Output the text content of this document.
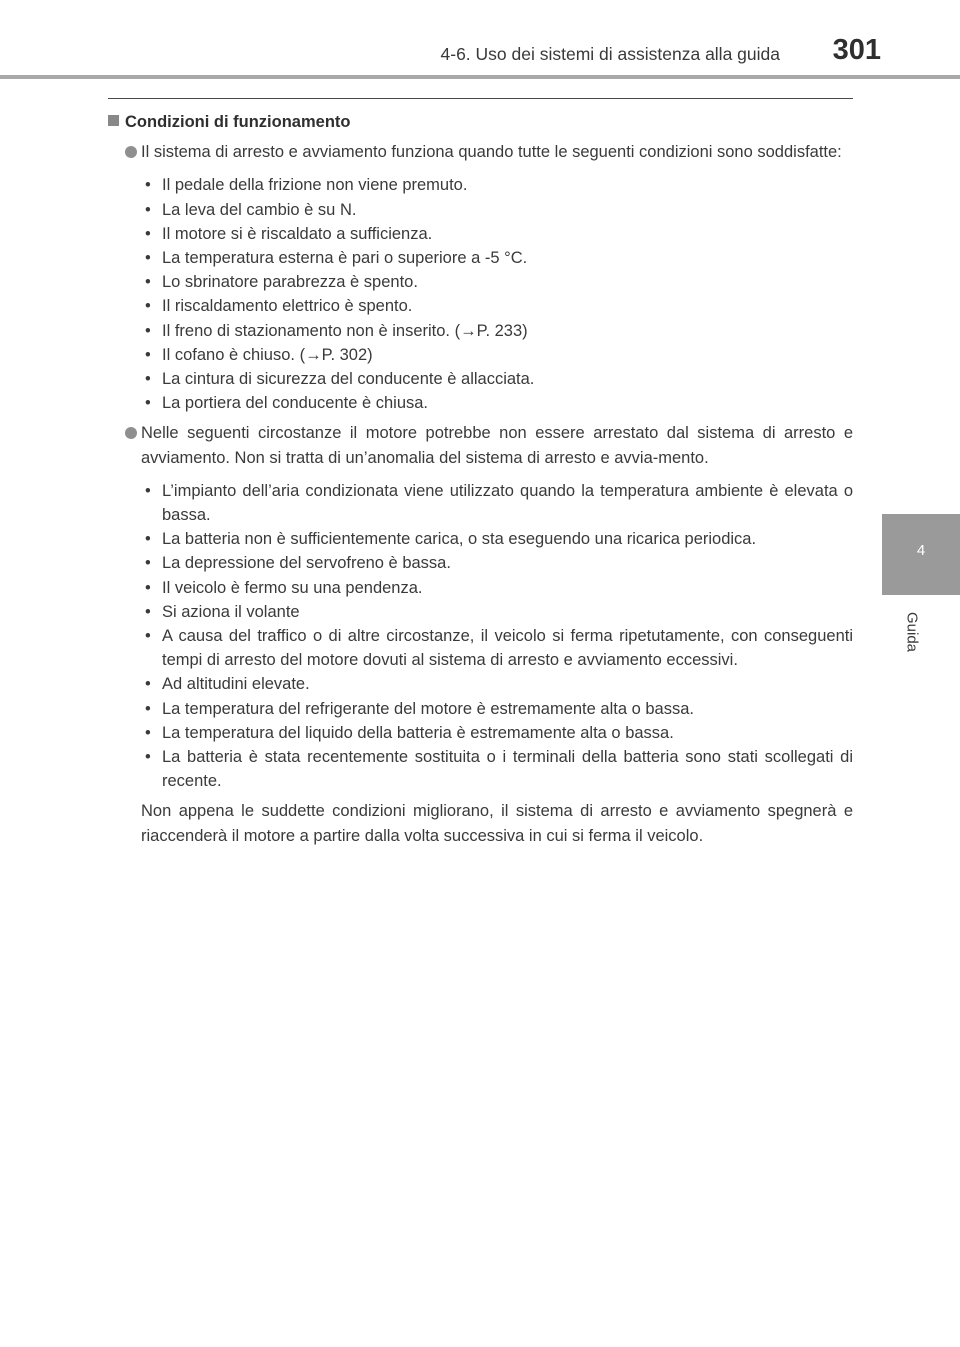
4-6. Uso dei sistemi di assistenza alla guida 301
4
Guida
Condizioni di funzionamento
Il sistema di arresto e avviamento funziona quando tutte le seguenti condizioni sono soddisfatte:
• Il pedale della frizione non viene premuto.
• La leva del cambio è su N.
• Il motore si è riscaldato a sufficienza.
• La temperatura esterna è pari o superiore a -5 °C.
• Lo sbrinatore parabrezza è spento.
• Il riscaldamento elettrico è spento.
• Il freno di stazionamento non è inserito. (→P. 233)
• Il cofano è chiuso. (→P. 302)
• La cintura di sicurezza del conducente è allacciata.
• La portiera del conducente è chiusa.
Nelle seguenti circostanze il motore potrebbe non essere arrestato dal sistema di arresto e avviamento. Non si tratta di un’anomalia del sistema di arresto e avvia-mento.
• L’impianto dell’aria condizionata viene utilizzato quando la temperatura ambiente è elevata o bassa.
• La batteria non è sufficientemente carica, o sta eseguendo una ricarica periodica.
• La depressione del servofreno è bassa.
• Il veicolo è fermo su una pendenza.
• Si aziona il volante
• A causa del traffico o di altre circostanze, il veicolo si ferma ripetutamente, con conseguenti tempi di arresto del motore dovuti al sistema di arresto e avviamento eccessivi.
• Ad altitudini elevate.
• La temperatura del refrigerante del motore è estremamente alta o bassa.
• La temperatura del liquido della batteria è estremamente alta o bassa.
• La batteria è stata recentemente sostituita o i terminali della batteria sono stati scollegati di recente.

Non appena le suddette condizioni migliorano, il sistema di arresto e avviamento spegnerà e riaccenderà il motore a partire dalla volta successiva in cui si ferma il veicolo.
